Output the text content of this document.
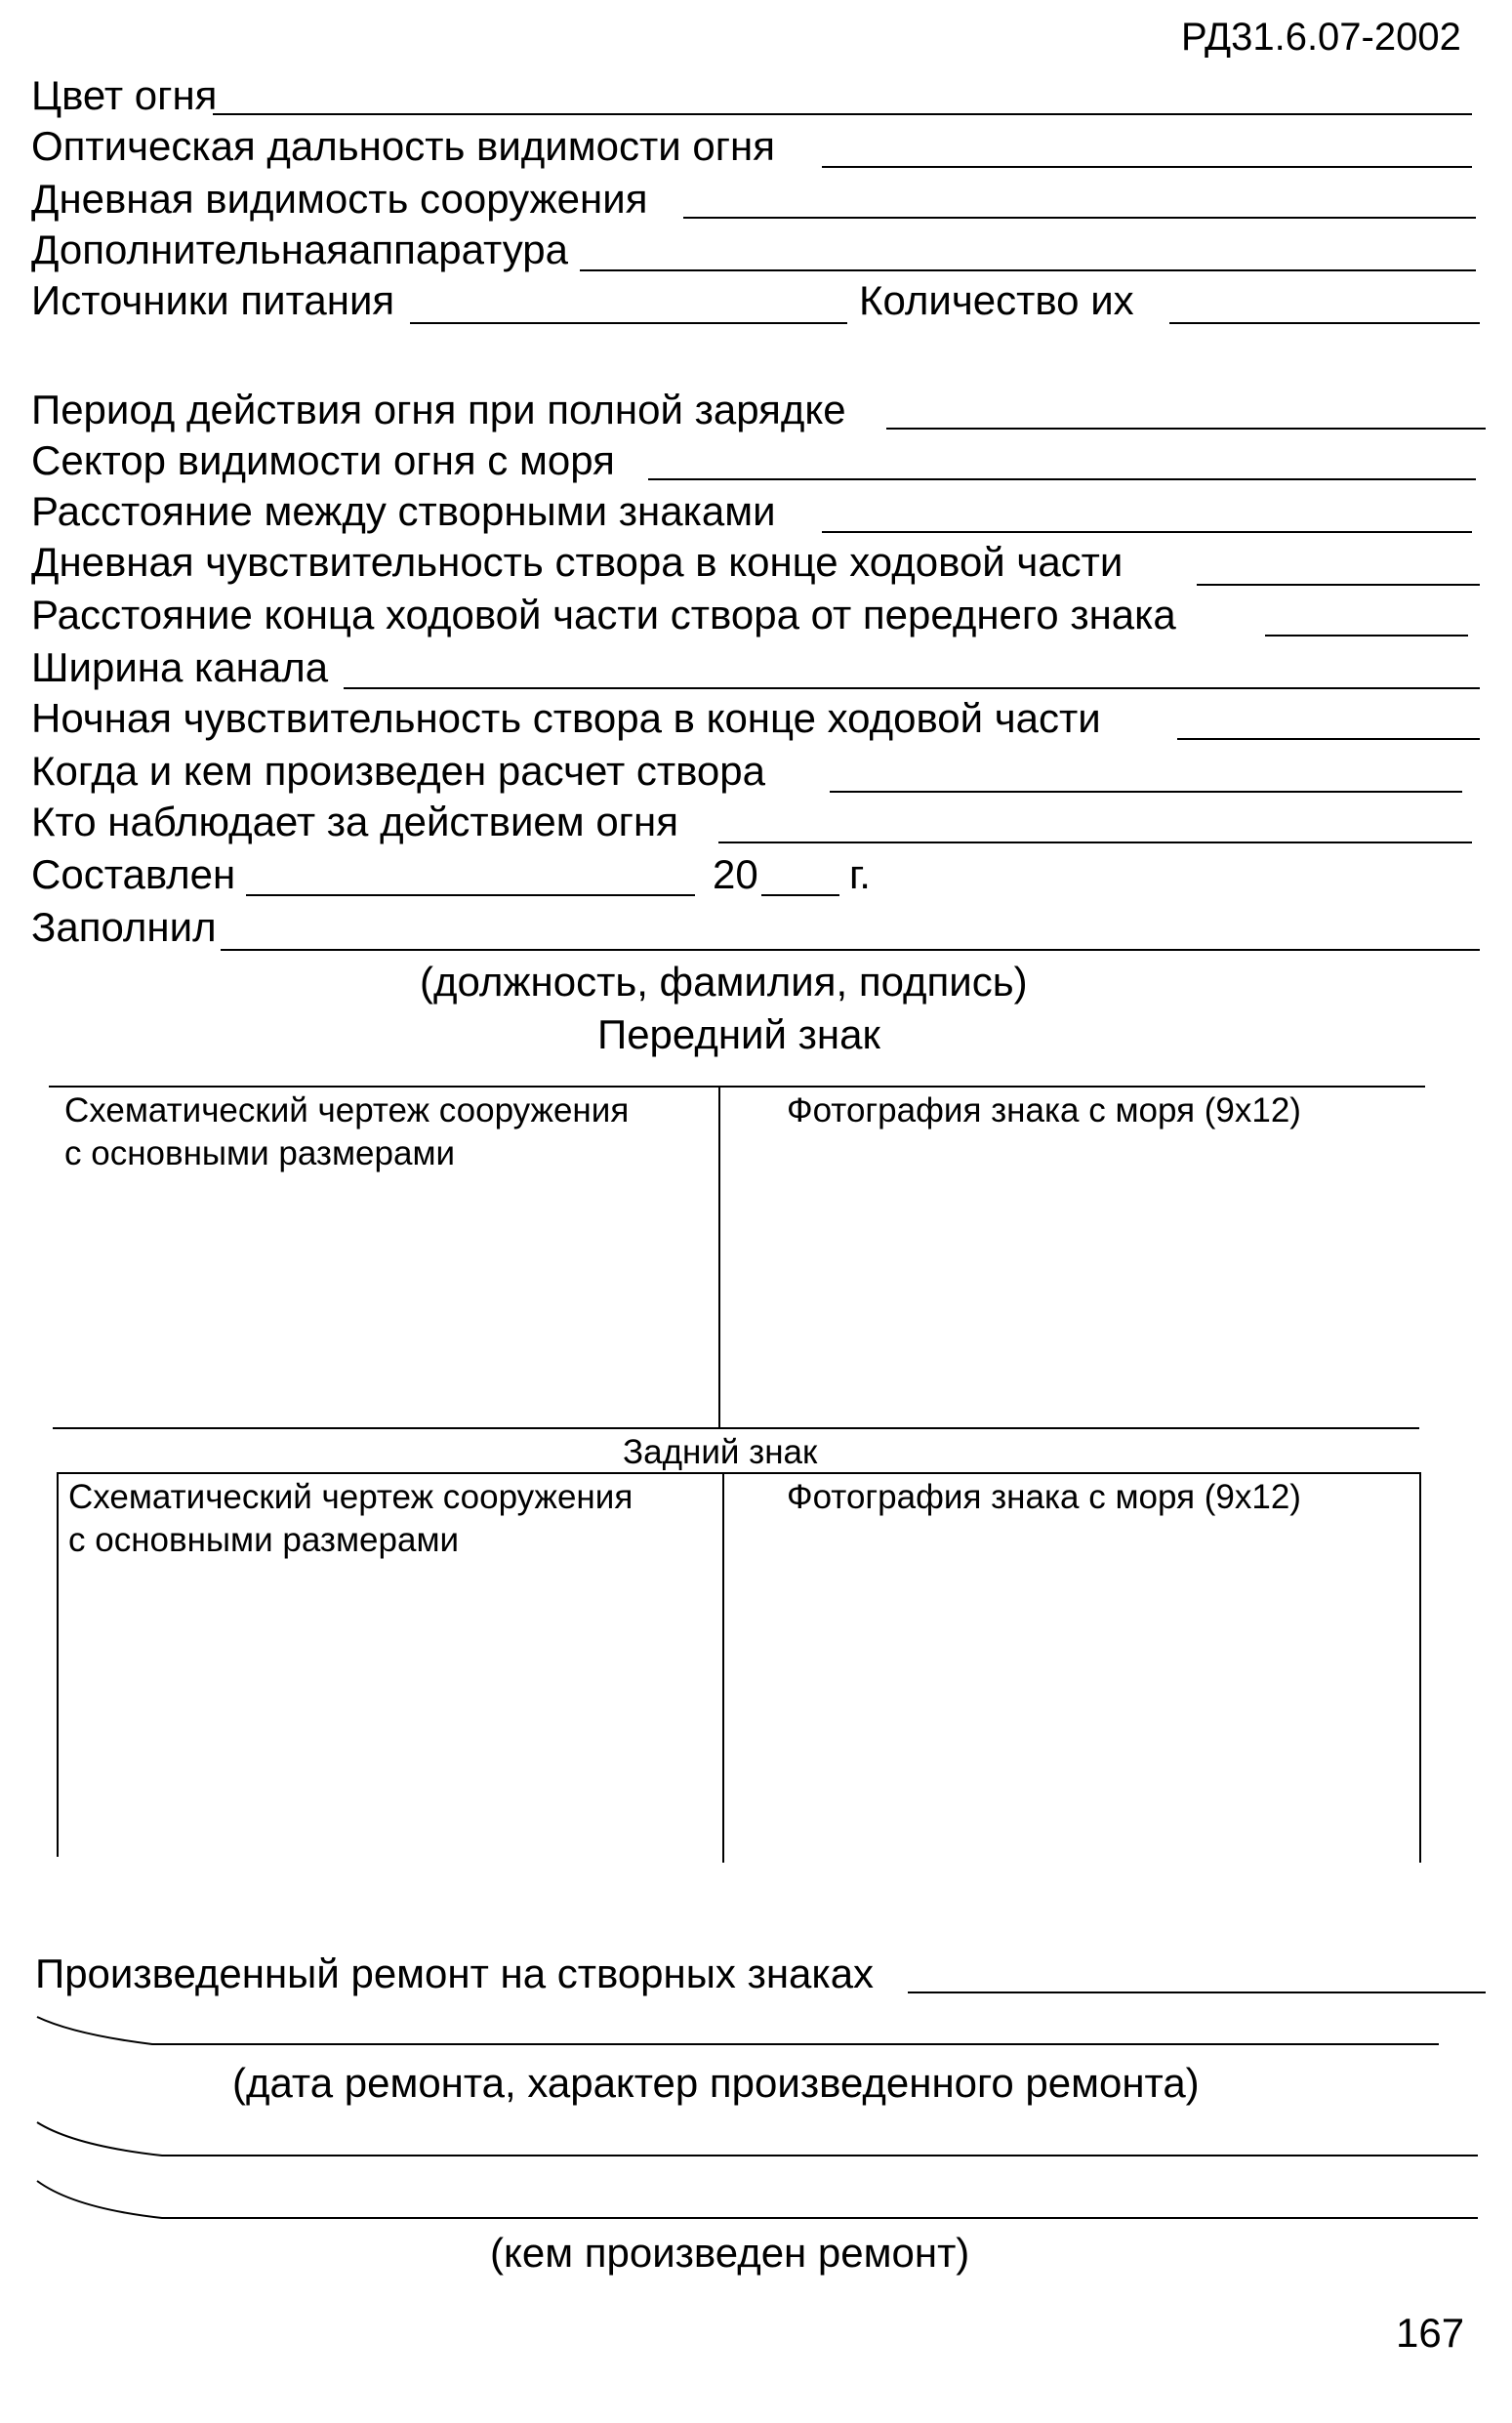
РД31.6.07-2002
Цвет огня
Оптическая дальность видимости огня
Дневная видимость сооружения
Дополнительнаяаппаратура
Источники питания	Количество их
Период действия огня при полной зарядке
Сектор видимости огня с моря
Расстояние между створными знаками
Дневная чувствительность створа в конце ходовой части
Расстояние конца ходовой части створа от переднего знака
Ширина канала
Ночная чувствительность створа в конце ходовой части
Когда и кем произведен расчет створа
Кто наблюдает за действием огня
Составлен	20 г.
Заполнил
(должность, фамилия, подпись)
Передний знак
Схематический чертеж сооружения
с основными размерами
Фотография знака с моря (9х12)
Задний знак
Схематический чертеж сооружения
с основными размерами
Фотография знака с моря (9х12)
Произведенный ремонт на створных знаках
(дата ремонта, характер произведенного ремонта)
(кем произведен ремонт)
167
